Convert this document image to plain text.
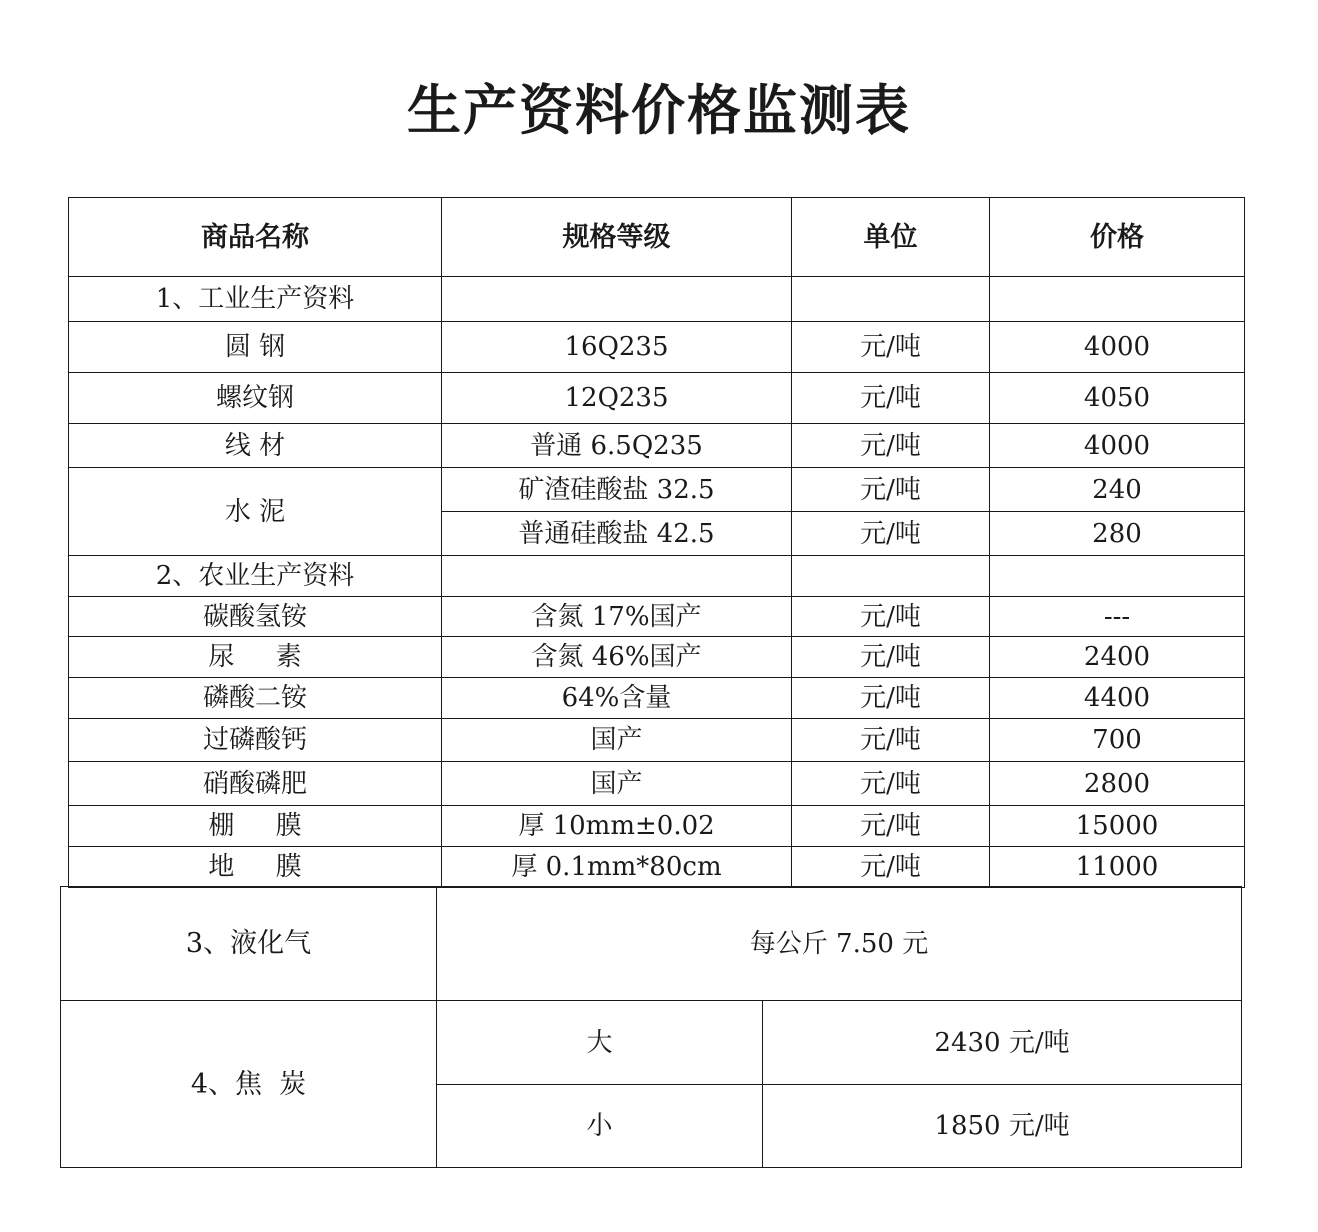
生产资料价格监测表
商品名称	规格等级	单位	价格
1、工业生产资料			
圆 钢	16Q235	元/吨	4000
螺纹钢	12Q235	元/吨	4050
线 材	普通 6.5Q235	元/吨	4000
水 泥	矿渣硅酸盐 32.5	元/吨	240
	普通硅酸盐 42.5	元/吨	280
2、农业生产资料			
碳酸氢铵	含氮 17%国产	元/吨	---
尿     素	含氮 46%国产	元/吨	2400
磷酸二铵	64%含量	元/吨	4400
过磷酸钙	国产	元/吨	700
硝酸磷肥	国产	元/吨	2800
棚     膜	厚 10mm±0.02	元/吨	15000
地     膜	厚 0.1mm*80cm	元/吨	11000
3、液化气	每公斤 7.50 元	
4、焦  炭	大	2430 元/吨
	小	1850 元/吨
